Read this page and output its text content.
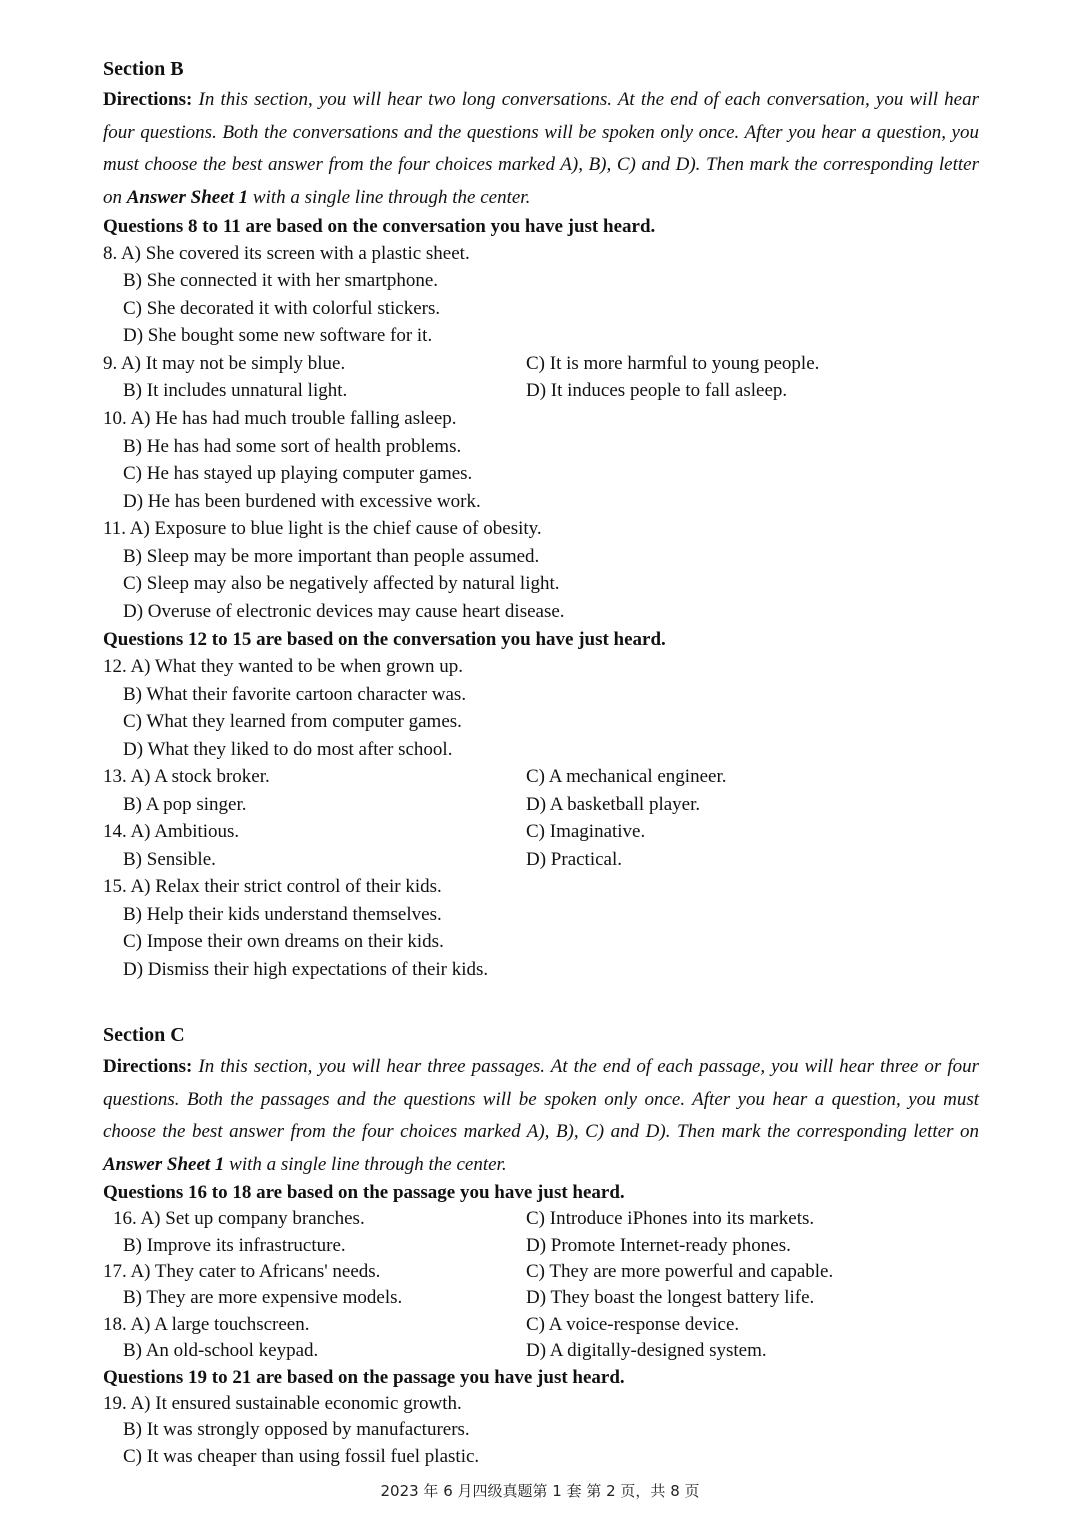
Section B
Directions: In this section, you will hear two long conversations. At the end of each conversation, you will hear four questions. Both the conversations and the questions will be spoken only once. After you hear a question, you must choose the best answer from the four choices marked A), B), C) and D). Then mark the corresponding letter on Answer Sheet 1 with a single line through the center.
Questions 8 to 11 are based on the conversation you have just heard.
8. A) She covered its screen with a plastic sheet.
B) She connected it with her smartphone.
C) She decorated it with colorful stickers.
D) She bought some new software for it.
9. A) It may not be simply blue.	C) It is more harmful to young people.
B) It includes unnatural light.	D) It induces people to fall asleep.
10. A) He has had much trouble falling asleep.
B) He has had some sort of health problems.
C) He has stayed up playing computer games.
D) He has been burdened with excessive work.
11. A) Exposure to blue light is the chief cause of obesity.
B) Sleep may be more important than people assumed.
C) Sleep may also be negatively affected by natural light.
D) Overuse of electronic devices may cause heart disease.
Questions 12 to 15 are based on the conversation you have just heard.
12. A) What they wanted to be when grown up.
B) What their favorite cartoon character was.
C) What they learned from computer games.
D) What they liked to do most after school.
13. A) A stock broker.	C) A mechanical engineer.
B) A pop singer.	D) A basketball player.
14. A) Ambitious.	C) Imaginative.
B) Sensible.	D) Practical.
15. A) Relax their strict control of their kids.
B) Help their kids understand themselves.
C) Impose their own dreams on their kids.
D) Dismiss their high expectations of their kids.
Section C
Directions: In this section, you will hear three passages. At the end of each passage, you will hear three or four questions. Both the passages and the questions will be spoken only once. After you hear a question, you must choose the best answer from the four choices marked A), B), C) and D). Then mark the corresponding letter on Answer Sheet 1 with a single line through the center.
Questions 16 to 18 are based on the passage you have just heard.
16. A) Set up company branches.	C) Introduce iPhones into its markets.
B) Improve its infrastructure.	D) Promote Internet-ready phones.
17. A) They cater to Africans' needs.	C) They are more powerful and capable.
B) They are more expensive models.	D) They boast the longest battery life.
18. A) A large touchscreen.	C) A voice-response device.
B) An old-school keypad.	D) A digitally-designed system.
Questions 19 to 21 are based on the passage you have just heard.
19. A) It ensured sustainable economic growth.
B) It was strongly opposed by manufacturers.
C) It was cheaper than using fossil fuel plastic.
2023 年 6 月四级真题第 1 套 第 2 页，共 8 页
